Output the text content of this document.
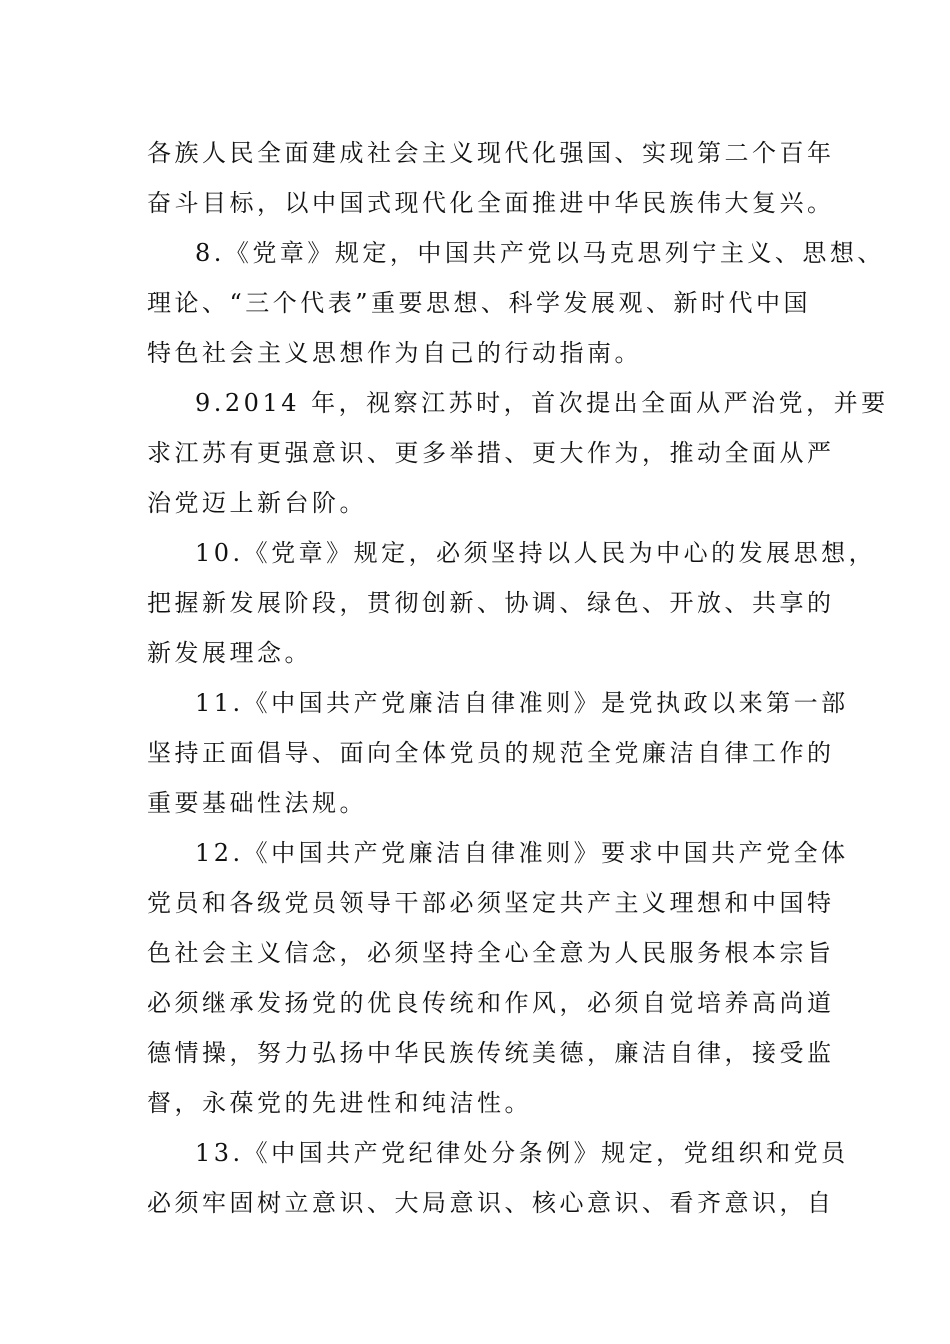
各族人民全面建成社会主义现代化强国、实现第二个百年
奋斗目标，以中国式现代化全面推进中华民族伟大复兴。
8.《党章》规定，中国共产党以马克思列宁主义、思想、
理论、“三个代表”重要思想、科学发展观、新时代中国
特色社会主义思想作为自己的行动指南。
9.2014 年，视察江苏时，首次提出全面从严治党，并要
求江苏有更强意识、更多举措、更大作为，推动全面从严
治党迈上新台阶。
10.《党章》规定，必须坚持以人民为中心的发展思想，
把握新发展阶段，贯彻创新、协调、绿色、开放、共享的
新发展理念。
11.《中国共产党廉洁自律准则》是党执政以来第一部
坚持正面倡导、面向全体党员的规范全党廉洁自律工作的
重要基础性法规。
12.《中国共产党廉洁自律准则》要求中国共产党全体
党员和各级党员领导干部必须坚定共产主义理想和中国特
色社会主义信念，必须坚持全心全意为人民服务根本宗旨
必须继承发扬党的优良传统和作风，必须自觉培养高尚道
德情操，努力弘扬中华民族传统美德，廉洁自律，接受监
督，永葆党的先进性和纯洁性。
13.《中国共产党纪律处分条例》规定，党组织和党员
必须牢固树立意识、大局意识、核心意识、看齐意识，自
